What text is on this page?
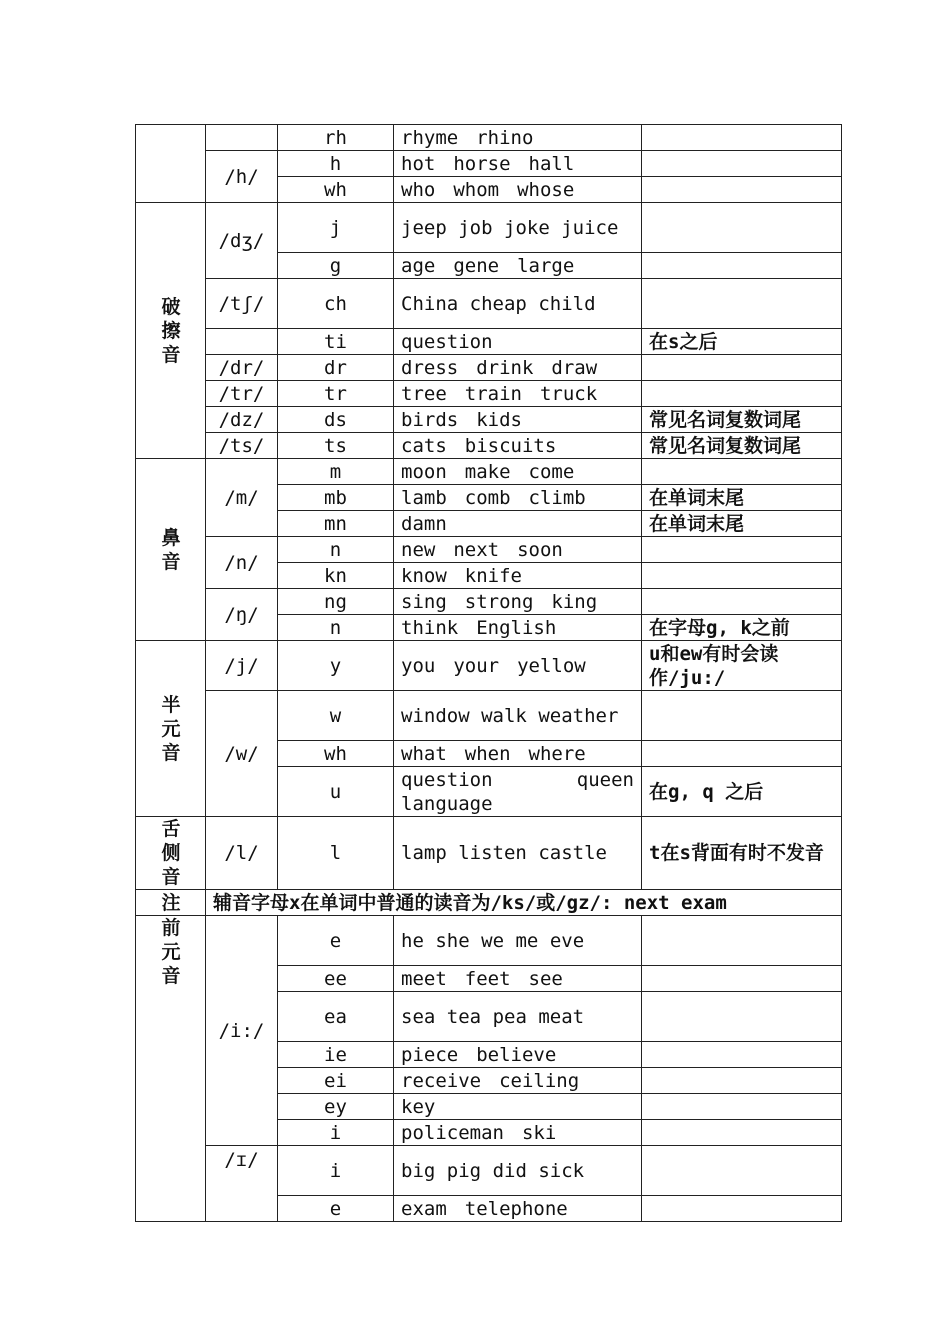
		rh	rhyme rhino	
	/h/	h	hot horse hall	
		wh	who whom whose	
破擦音	/dʒ/	j	jeep job joke juice	
		g	age gene large	
	/tʃ/	ch	China cheap child	
		ti	question	在s之后
	/dr/	dr	dress drink draw	
	/tr/	tr	tree train truck	
	/dz/	ds	birds kids	常见名词复数词尾
	/ts/	ts	cats biscuits	常见名词复数词尾
鼻音	/m/	m	moon make come	
		mb	lamb comb climb	在单词末尾
		mn	damn	在单词末尾
	/n/	n	new next soon	
		kn	know knife	
	/ŋ/	ng	sing strong king	
		n	think English	在字母g, k之前
半元音	/j/	y	you your yellow	u和ew有时会读作/ju:/
	/w/	w	window walk weather	
		wh	what when where	
		u	question queen language	在g, q 之后
舌侧音	/l/	l	lamp listen castle	t在s背面有时不发音
注	辅音字母x在单词中普通的读音为/ks/或/gz/: next exam			
前元音	/i:/	e	he she we me eve	
		ee	meet feet see	
		ea	sea tea pea meat	
		ie	piece believe	
		ei	receive ceiling	
		ey	key	
		i	policeman ski	
	/ɪ/	i	big pig did sick	
		e	exam telephone	
